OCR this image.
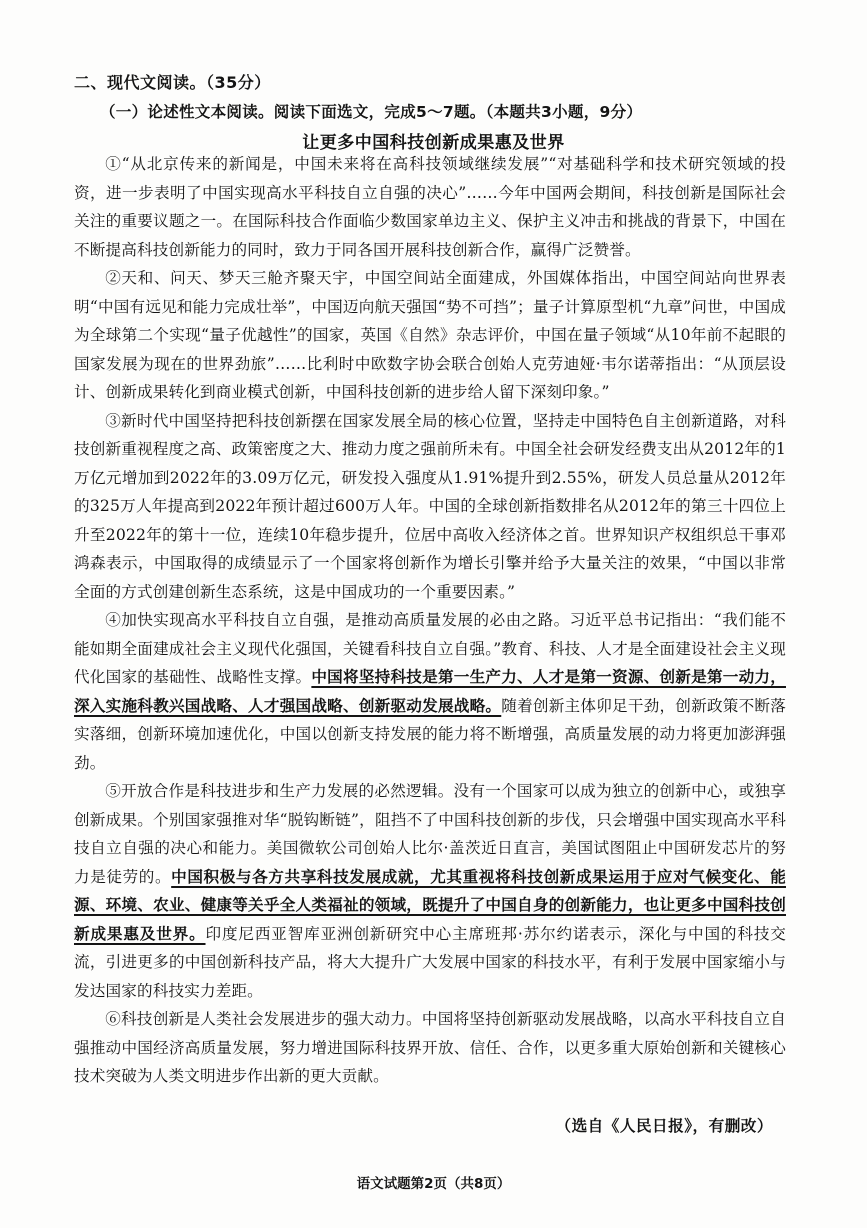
二、现代文阅读。（35分）
（一）论述性文本阅读。阅读下面选文，完成5～7题。（本题共3小题，9分）
让更多中国科技创新成果惠及世界

①“从北京传来的新闻是，中国未来将在高科技领域继续发展”“对基础科学和技术研究领域的投资，进一步表明了中国实现高水平科技自立自强的决心”……今年中国两会期间，科技创新是国际社会关注的重要议题之一。在国际科技合作面临少数国家单边主义、保护主义冲击和挑战的背景下，中国在不断提高科技创新能力的同时，致力于同各国开展科技创新合作，赢得广泛赞誉。

②天和、问天、梦天三舱齐聚天宇，中国空间站全面建成，外国媒体指出，中国空间站向世界表明“中国有远见和能力完成壮举”，中国迈向航天强国“势不可挡”；量子计算原型机“九章”问世，中国成为全球第二个实现“量子优越性”的国家，英国《自然》杂志评价，中国在量子领域“从10年前不起眼的国家发展为现在的世界劲旅”……比利时中欧数字协会联合创始人克劳迪娅·韦尔诺蒂指出：“从顶层设计、创新成果转化到商业模式创新，中国科技创新的进步给人留下深刻印象。”

③新时代中国坚持把科技创新摆在国家发展全局的核心位置，坚持走中国特色自主创新道路，对科技创新重视程度之高、政策密度之大、推动力度之强前所未有。中国全社会研发经费支出从2012年的1万亿元增加到2022年的3.09万亿元，研发投入强度从1.91%提升到2.55%，研发人员总量从2012年的325万人年提高到2022年预计超过600万人年。中国的全球创新指数排名从2012年的第三十四位上升至2022年的第十一位，连续10年稳步提升，位居中高收入经济体之首。世界知识产权组织总干事邓鸿森表示，中国取得的成绩显示了一个国家将创新作为增长引擎并给予大量关注的效果，“中国以非常全面的方式创建创新生态系统，这是中国成功的一个重要因素。”

④加快实现高水平科技自立自强，是推动高质量发展的必由之路。习近平总书记指出：“我们能不能如期全面建成社会主义现代化强国，关键看科技自立自强。”教育、科技、人才是全面建设社会主义现代化国家的基础性、战略性支撑。中国将坚持科技是第一生产力、人才是第一资源、创新是第一动力，深入实施科教兴国战略、人才强国战略、创新驱动发展战略。随着创新主体卯足干劲，创新政策不断落实落细，创新环境加速优化，中国以创新支持发展的能力将不断增强，高质量发展的动力将更加澎湃强劲。

⑤开放合作是科技进步和生产力发展的必然逻辑。没有一个国家可以成为独立的创新中心，或独享创新成果。个别国家强推对华“脱钩断链”，阻挡不了中国科技创新的步伐，只会增强中国实现高水平科技自立自强的决心和能力。美国微软公司创始人比尔·盖茨近日直言，美国试图阻止中国研发芯片的努力是徒劳的。中国积极与各方共享科技发展成就，尤其重视将科技创新成果运用于应对气候变化、能源、环境、农业、健康等关乎全人类福祉的领域，既提升了中国自身的创新能力，也让更多中国科技创新成果惠及世界。印度尼西亚智库亚洲创新研究中心主席班邦·苏尔约诺表示，深化与中国的科技交流，引进更多的中国创新科技产品，将大大提升广大发展中国家的科技水平，有利于发展中国家缩小与发达国家的科技实力差距。

⑥科技创新是人类社会发展进步的强大动力。中国将坚持创新驱动发展战略，以高水平科技自立自强推动中国经济高质量发展，努力增进国际科技界开放、信任、合作，以更多重大原始创新和关键核心技术突破为人类文明进步作出新的更大贡献。

（选自《人民日报》，有删改）
语文试题第2页（共8页）
